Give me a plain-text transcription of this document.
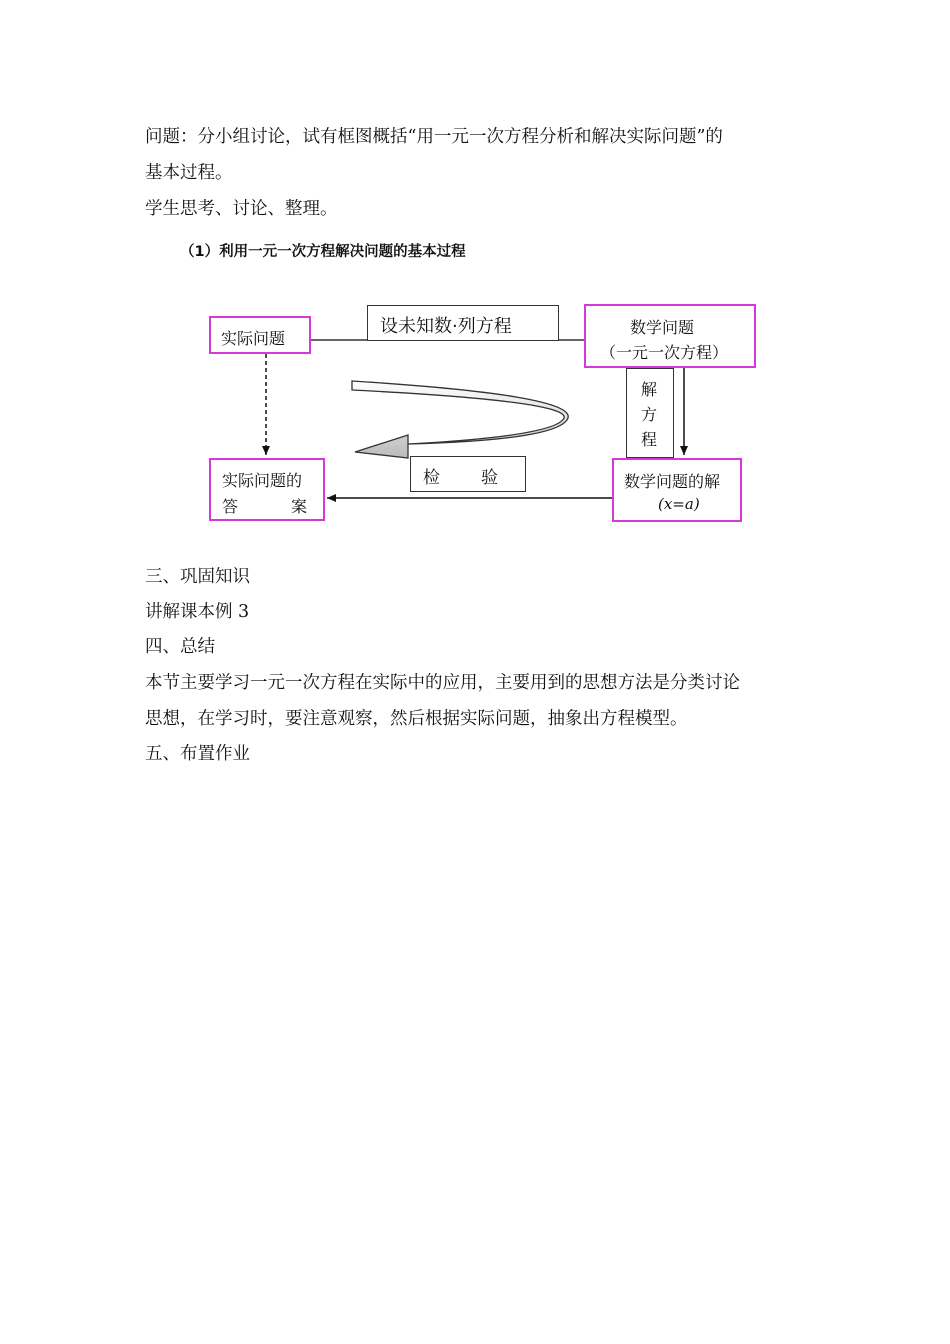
问题：分小组讨论，试有框图概括“用一元一次方程分析和解决实际问题”的
基本过程。
学生思考、讨论、整理。
（1）利用一元一次方程解决问题的基本过程
实际问题
设未知数·列方程	数学问题
（一元一次方程）
解
方
程
数学问题的解
(x=a)
检 验
实际问题的
答	案
三、巩固知识
讲解课本例 3
四、总结
本节主要学习一元一次方程在实际中的应用，主要用到的思想方法是分类讨论
思想，在学习时，要注意观察，然后根据实际问题，抽象出方程模型。
五、布置作业
